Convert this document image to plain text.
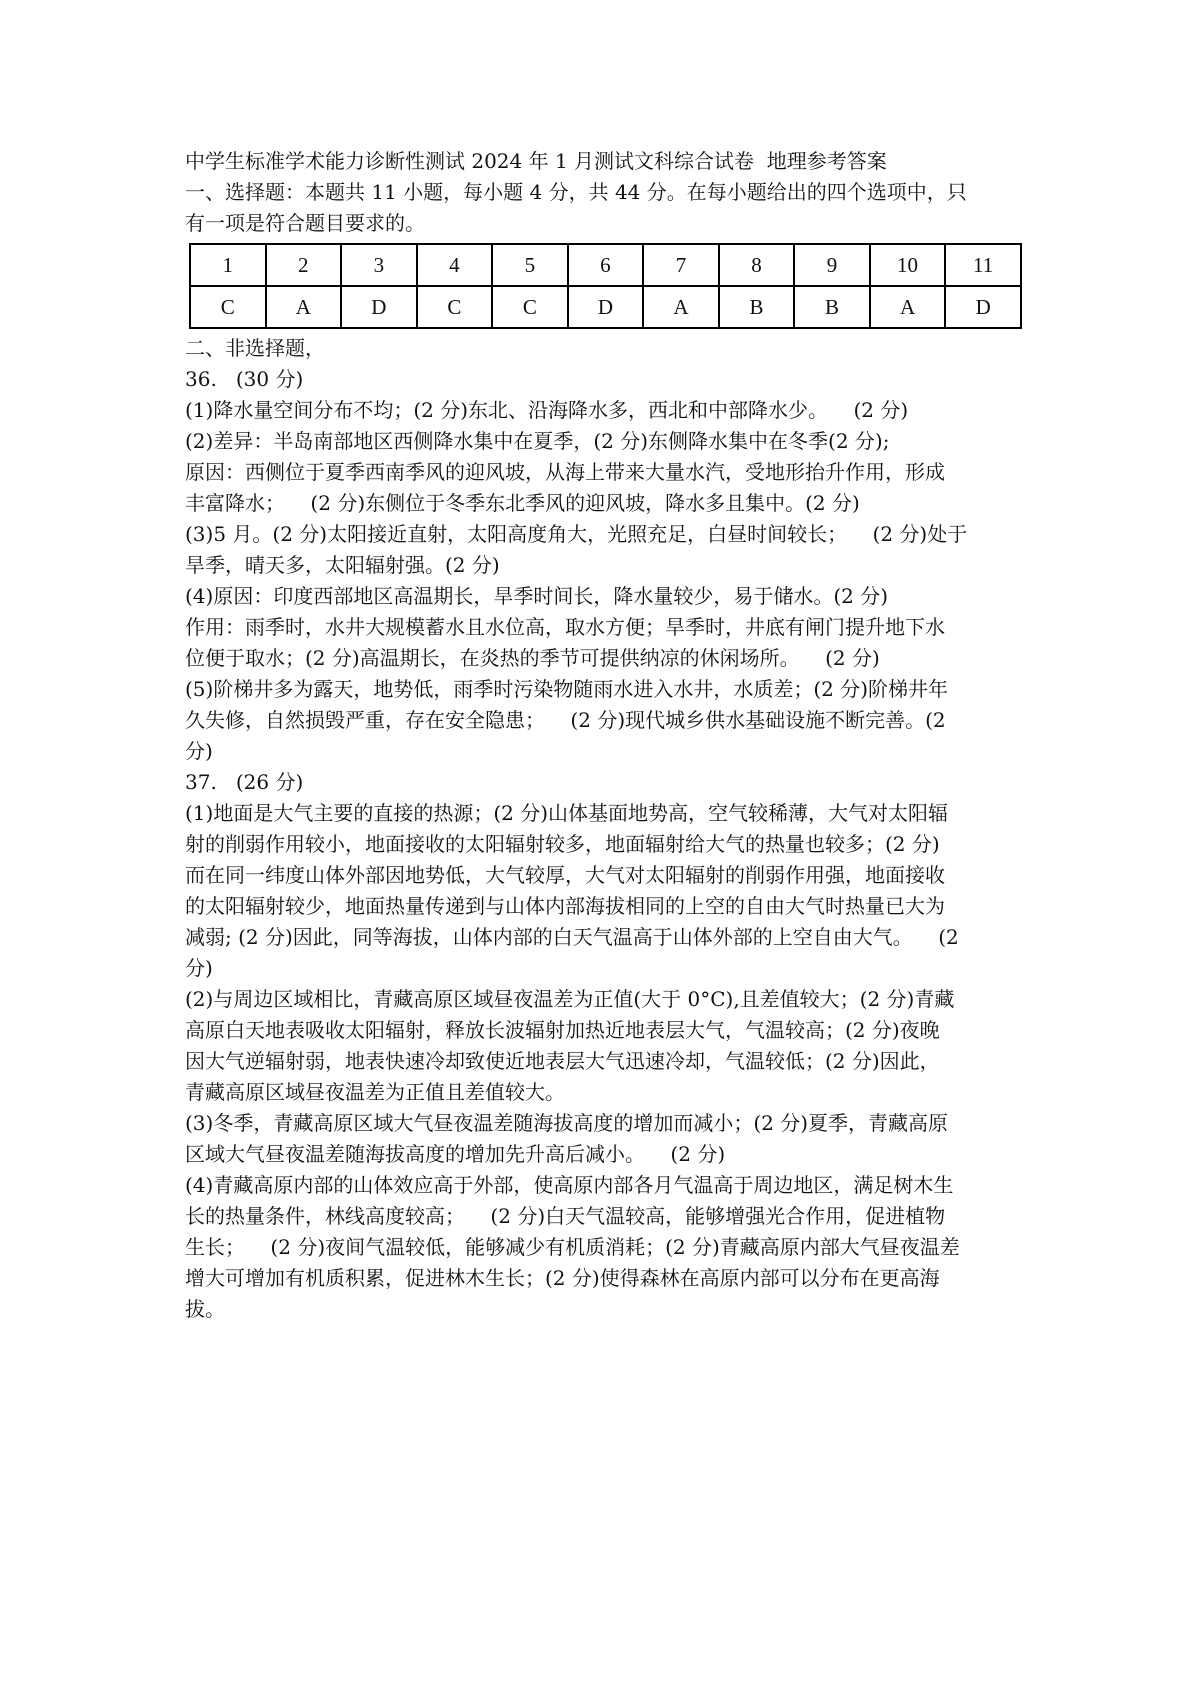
中学生标准学术能力诊断性测试 2024 年 1 月测试文科综合试卷  地理参考答案

一、选择题：本题共 11 小题，每小题 4 分，共 44 分。在每小题给出的四个选项中，只

有一项是符合题目要求的。

1	2	3	4	5	6	7	8	9	10	11
C	A	D	C	C	D	A	B	B	A	D

二、非选择题，

36.   (30 分)

(1)降水量空间分布不均；(2 分)东北、沿海降水多，西北和中部降水少。    (2 分)

(2)差异：半岛南部地区西侧降水集中在夏季，(2 分)东侧降水集中在冬季(2 分);

原因：西侧位于夏季西南季风的迎风坡，从海上带来大量水汽，受地形抬升作用，形成

丰富降水；    (2 分)东侧位于冬季东北季风的迎风坡，降水多且集中。(2 分)

(3)5 月。(2 分)太阳接近直射，太阳高度角大，光照充足，白昼时间较长；    (2 分)处于

旱季，晴天多，太阳辐射强。(2 分)

(4)原因：印度西部地区高温期长，旱季时间长，降水量较少，易于储水。(2 分)

作用：雨季时，水井大规模蓄水且水位高，取水方便；旱季时，井底有闸门提升地下水

位便于取水；(2 分)高温期长，在炎热的季节可提供纳凉的休闲场所。    (2 分)

(5)阶梯井多为露天，地势低，雨季时污染物随雨水进入水井，水质差；(2 分)阶梯井年

久失修，自然损毁严重，存在安全隐患；    (2 分)现代城乡供水基础设施不断完善。(2

分)

37.   (26 分)

(1)地面是大气主要的直接的热源；(2 分)山体基面地势高，空气较稀薄，大气对太阳辐

射的削弱作用较小，地面接收的太阳辐射较多，地面辐射给大气的热量也较多；(2 分)

而在同一纬度山体外部因地势低，大气较厚，大气对太阳辐射的削弱作用强，地面接收

的太阳辐射较少，地面热量传递到与山体内部海拔相同的上空的自由大气时热量已大为

减弱; (2 分)因此，同等海拔，山体内部的白天气温高于山体外部的上空自由大气。    (2

分)

(2)与周边区域相比，青藏高原区域昼夜温差为正值(大于 0°C),且差值较大；(2 分)青藏

高原白天地表吸收太阳辐射，释放长波辐射加热近地表层大气，气温较高；(2 分)夜晚

因大气逆辐射弱，地表快速冷却致使近地表层大气迅速冷却，气温较低；(2 分)因此，

青藏高原区域昼夜温差为正值且差值较大。

(3)冬季，青藏高原区域大气昼夜温差随海拔高度的增加而减小；(2 分)夏季，青藏高原

区域大气昼夜温差随海拔高度的增加先升高后减小。    (2 分)

(4)青藏高原内部的山体效应高于外部，使高原内部各月气温高于周边地区，满足树木生

长的热量条件，林线高度较高；    (2 分)白天气温较高，能够增强光合作用，促进植物

生长；    (2 分)夜间气温较低，能够减少有机质消耗；(2 分)青藏高原内部大气昼夜温差

增大可增加有机质积累，促进林木生长；(2 分)使得森林在高原内部可以分布在更高海

拔。
